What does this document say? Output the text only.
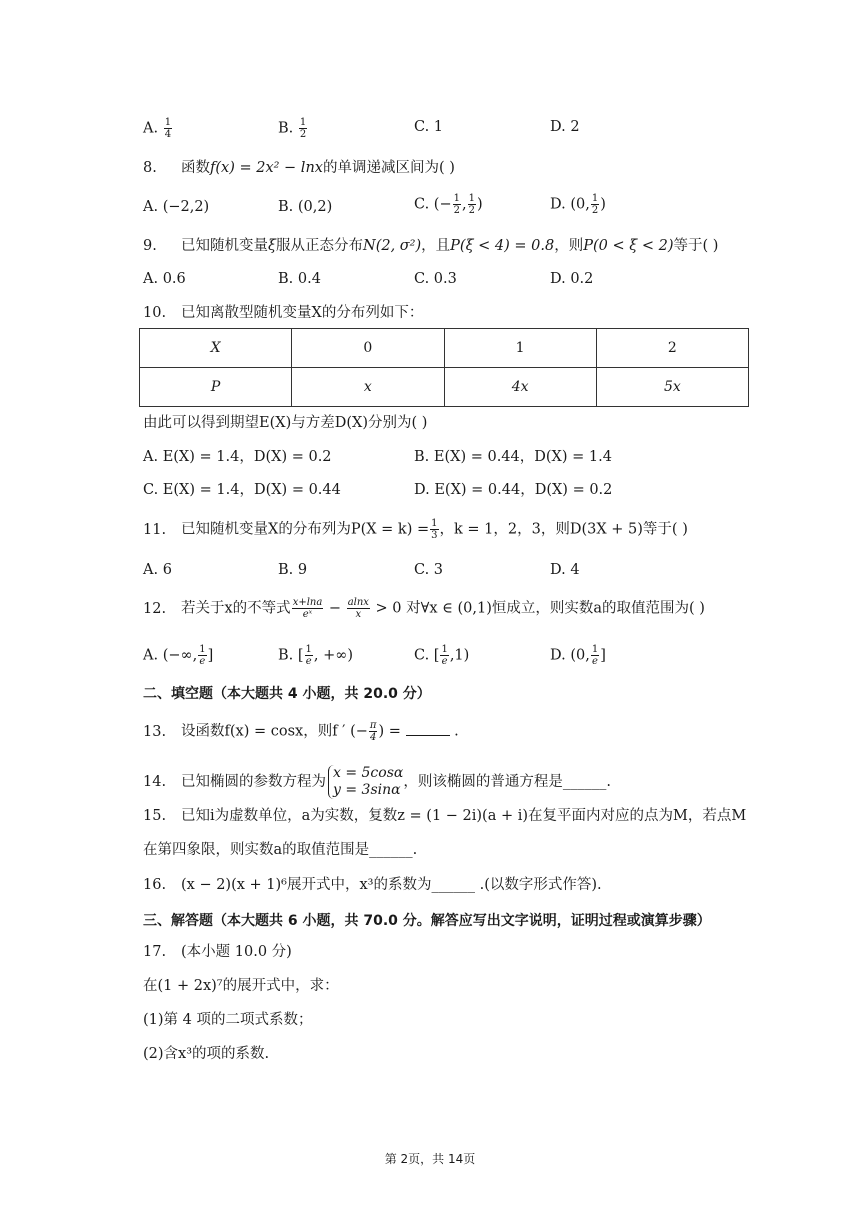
A. $\frac{1}{4}$	B. $\frac{1}{2}$	C. 1	D. 2
8. 函数f(x) = 2x² − lnx的单调递减区间为( )
A. (−2,2)	B. (0,2)	C. (− $\frac{1}{2}$ , $\frac{1}{2}$ )	D. (0, $\frac{1}{2}$ )
9. 已知随机变量ξ服从正态分布N(2, σ²)，且P(ξ < 4) = 0.8，则P(0 < ξ < 2)等于( )
A. 0.6	B. 0.4	C. 0.3	D. 0.2
10. 已知离散型随机变量X的分布列如下：
X	0	1	2
P	x	4x	5x
由此可以得到期望E(X)与方差D(X)分别为( )
A. E(X) = 1.4，D(X) = 0.2	B. E(X) = 0.44，D(X) = 1.4
C. E(X) = 1.4，D(X) = 0.44	D. E(X) = 0.44，D(X) = 0.2
11. 已知随机变量X的分布列为$P(X = k) = \frac{1}{3}$ ，k = 1，2，3，则D(3X + 5)等于( )
A. 6	B. 9	C. 3	D. 4
12. 若关于x的不等式 $\frac{x+\ln a}{\text{eˣ}} - \frac{alnx}{x} > 0$ 对∀x ∈ (0,1)恒成立，则实数a的取值范围为( )
A. (−∞, $\frac{1}{e}$ ]	B. [ $\frac{1}{e}$ , +∞)	C. [ $\frac{1}{e} ,1$)	D. (0, $\frac{1}{e}$ ]
二、填空题（本大题共 4 小题，共 20.0 分）
13. 设函数f(x) = cosx，则f ′ (− $\frac{\pi}{4}$ ) =	.
14. 已知椭圆的参数方程为x = 5cosα
y = 3sinα ，则该椭圆的普通方程是______.
15. 已知i为虚数单位，a为实数，复数z = (1 − 2i)(a + i)在复平面内对应的点为M，若点M
在第四象限，则实数a的取值范围是______.
16. (x − 2)(x + 1)⁶展开式中，x³的系数为______ .(以数字形式作答).
三、解答题（本大题共 6 小题，共 70.0 分。解答应写出文字说明，证明过程或演算步骤）
17. (本小题 10.0 分)
在(1 + 2x)⁷的展开式中，求：
(1)第 4 项的二项式系数；
(2)含x³的项的系数.
第 2页，共 14页
